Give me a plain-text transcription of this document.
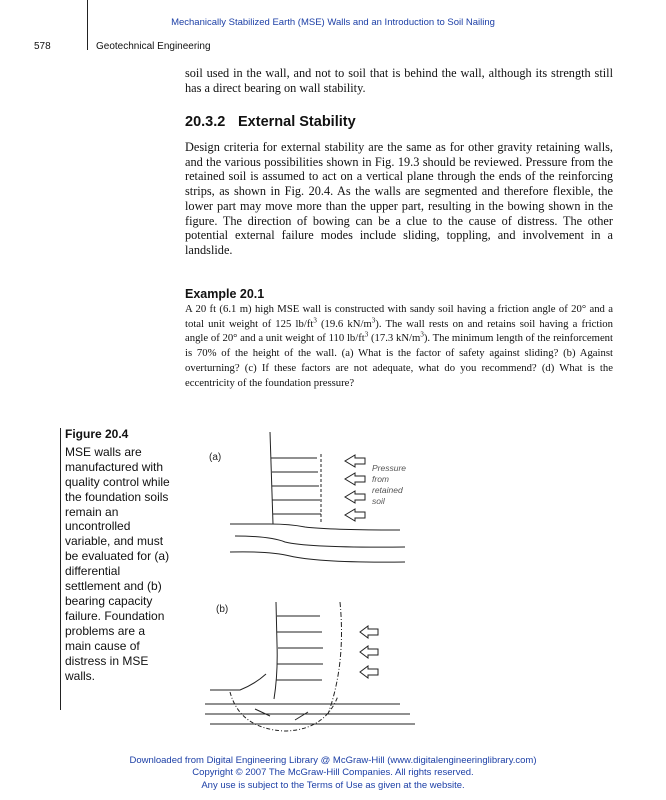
Mechanically Stabilized Earth (MSE) Walls and an Introduction to Soil Nailing
578	Geotechnical Engineering

soil used in the wall, and not to soil that is behind the wall, although its strength still has a direct bearing on wall stability.

20.3.2 External Stability

Design criteria for external stability are the same as for other gravity retaining walls, and the various possibilities shown in Fig. 19.3 should be reviewed. Pressure from the retained soil is assumed to act on a vertical plane through the ends of the reinforcing strips, as shown in Fig. 20.4. As the walls are segmented and therefore flexible, the lower part may move more than the upper part, resulting in the bowing shown in the figure. The direction of bowing can be a clue to the cause of distress. The other potential external failure modes include sliding, toppling, and involvement in a landslide.

Example 20.1

A 20 ft (6.1 m) high MSE wall is constructed with sandy soil having a friction angle of 20° and a total unit weight of 125 $lb/ft^3$ (19.6 $kN/m^3$). The wall rests on and retains soil having a friction angle of 20° and a unit weight of 110 $lb/ft^3$ (17.3 $kN/m^3$). The minimum length of the reinforcement is 70% of the height of the wall. (a) What is the factor of safety against sliding? (b) Against overturning? (c) If these factors are not adequate, what do you recommend? (d) What is the eccentricity of the foundation pressure?

Figure 20.4
MSE walls are manufactured with quality control while the foundation soils remain an uncontrolled variable, and must be evaluated for (a) differential settlement and (b) bearing capacity failure. Foundation problems are a main cause of distress in MSE walls.
(a)
(b)
Pressure
from
retained
soil
Downloaded from Digital Engineering Library @ McGraw-Hill (www.digitalengineeringlibrary.com)
Copyright © 2007 The McGraw-Hill Companies. All rights reserved.
Any use is subject to the Terms of Use as given at the website.
